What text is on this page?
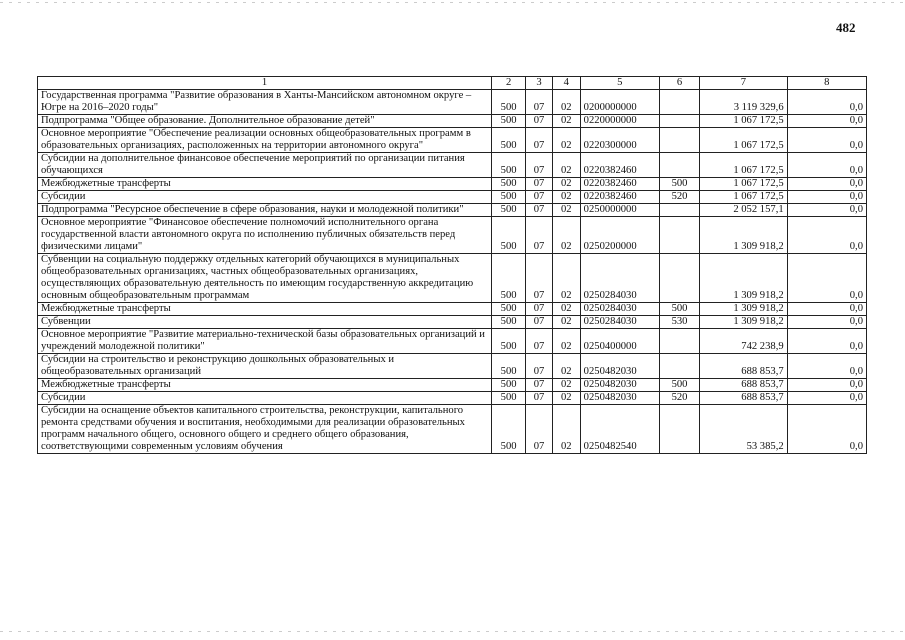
482
1	2	3	4	5	6	7	8
Государственная программа "Развитие образования в Ханты-Мансийском автономном округе – Югре на 2016–2020 годы"	500	07	02	0200000000		3 119 329,6	0,0
Подпрограмма "Общее образование. Дополнительное образование детей"	500	07	02	0220000000		1 067 172,5	0,0
Основное мероприятие "Обеспечение реализации основных общеобразовательных программ в образовательных организациях, расположенных на территории автономного округа"	500	07	02	0220300000		1 067 172,5	0,0
Субсидии на дополнительное финансовое обеспечение мероприятий по организации питания обучающихся	500	07	02	0220382460		1 067 172,5	0,0
Межбюджетные трансферты	500	07	02	0220382460	500	1 067 172,5	0,0
Субсидии	500	07	02	0220382460	520	1 067 172,5	0,0
Подпрограмма "Ресурсное обеспечение в сфере образования, науки и молодежной политики"	500	07	02	0250000000		2 052 157,1	0,0
Основное мероприятие "Финансовое обеспечение полномочий исполнительного органа государственной власти автономного округа по исполнению публичных обязательств перед физическими лицами"	500	07	02	0250200000		1 309 918,2	0,0
Субвенции на социальную поддержку отдельных категорий обучающихся в муниципальных общеобразовательных организациях, частных общеобразовательных организациях, осуществляющих образовательную деятельность по имеющим государственную аккредитацию основным общеобразовательным программам	500	07	02	0250284030		1 309 918,2	0,0
Межбюджетные трансферты	500	07	02	0250284030	500	1 309 918,2	0,0
Субвенции	500	07	02	0250284030	530	1 309 918,2	0,0
Основное мероприятие "Развитие материально-технической базы образовательных организаций и учреждений молодежной политики"	500	07	02	0250400000		742 238,9	0,0
Субсидии на строительство и реконструкцию дошкольных образовательных и общеобразовательных организаций	500	07	02	0250482030		688 853,7	0,0
Межбюджетные трансферты	500	07	02	0250482030	500	688 853,7	0,0
Субсидии	500	07	02	0250482030	520	688 853,7	0,0
Субсидии на оснащение объектов капитального строительства, реконструкции, капитального ремонта средствами обучения и воспитания, необходимыми для реализации образовательных программ начального общего, основного общего и среднего общего образования, соответствующими современным условиям обучения	500	07	02	0250482540		53 385,2	0,0
